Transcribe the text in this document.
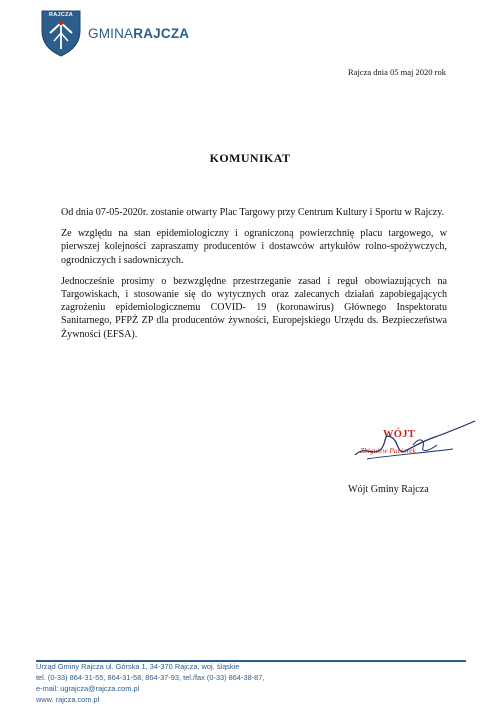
RAJCZA
GMINARAJCZA
Rajcza dnia 05 maj 2020 rok
KOMUNIKAT

Od dnia 07-05-2020r. zostanie otwarty Plac Targowy przy Centrum Kultury i Sportu w Rajczy.

Ze względu na stan epidemiologiczny i ograniczoną powierzchnię placu targowego, w pierwszej kolejności zapraszamy producentów i dostawców artykułów rolno-spożywczych, ogrodniczych i sadowniczych.

Jednocześnie prosimy o bezwzględne przestrzeganie zasad i reguł obowiazujących na Targowiskach, i stosowanie się do wytycznych oraz zalecanych działań zapobiegających zagrożeniu epidemiologicznemu COVID- 19 (koronawirus) Głównego Inspektoratu Sanitarnego, PFPŻ ZP dla producentów żywności, Europejskiego Urzędu ds. Bezpieczeństwa Żywności (EFSA).

WÓJT
Zbigniew Paciorek
Wójt Gminy Rajcza
Urząd Gminy Rajcza ul. Górska 1, 34-370 Rajcza, woj. śląskie
tel. (0-33) 864-31-55, 864-31-58, 864-37-93, tel./fax (0-33) 864-38-87,
e-mail: ugrajcza@rajcza.com.pl
www. rajcza.com.pl
